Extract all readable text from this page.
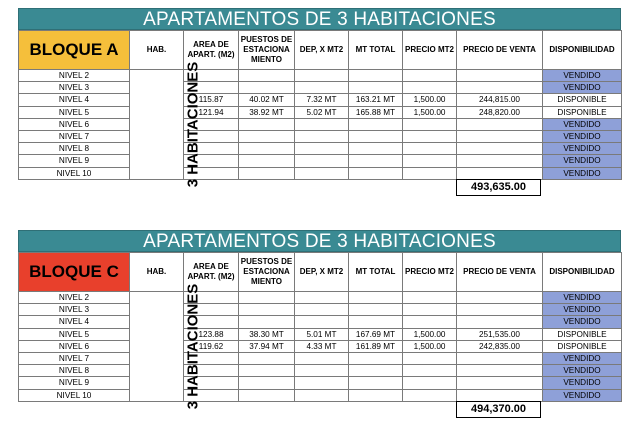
APARTAMENTOS DE 3 HABITACIONES
BLOQUE A	HAB.	AREA DE APART. (M2)	PUESTOS DE ESTACIONA MIENTO	DEP, X MT2	MT TOTAL	PRECIO MT2	PRECIO DE VENTA	DISPONIBILIDAD
NIVEL 2	3 HABITACIONES							VENDIDO
NIVEL 3								VENDIDO
NIVEL 4		115.87	40.02 MT	7.32 MT	163.21 MT	1,500.00	244,815.00	DISPONIBLE
NIVEL 5		121.94	38.92 MT	5.02 MT	165.88 MT	1,500.00	248,820.00	DISPONIBLE
NIVEL 6								VENDIDO
NIVEL 7								VENDIDO
NIVEL 8								VENDIDO
NIVEL 9								VENDIDO
NIVEL 10								VENDIDO
493,635.00
APARTAMENTOS DE 3 HABITACIONES
BLOQUE C	HAB.	AREA DE APART. (M2)	PUESTOS DE ESTACIONA MIENTO	DEP, X MT2	MT TOTAL	PRECIO MT2	PRECIO DE VENTA	DISPONIBILIDAD
NIVEL 2	3 HABITACIONES							VENDIDO
NIVEL 3								VENDIDO
NIVEL 4								VENDIDO
NIVEL 5		123.88	38.30 MT	5.01 MT	167.69 MT	1,500.00	251,535.00	DISPONIBLE
NIVEL 6		119.62	37.94 MT	4.33 MT	161.89 MT	1,500.00	242,835.00	DISPONIBLE
NIVEL 7								VENDIDO
NIVEL 8								VENDIDO
NIVEL 9								VENDIDO
NIVEL 10								VENDIDO
494,370.00
